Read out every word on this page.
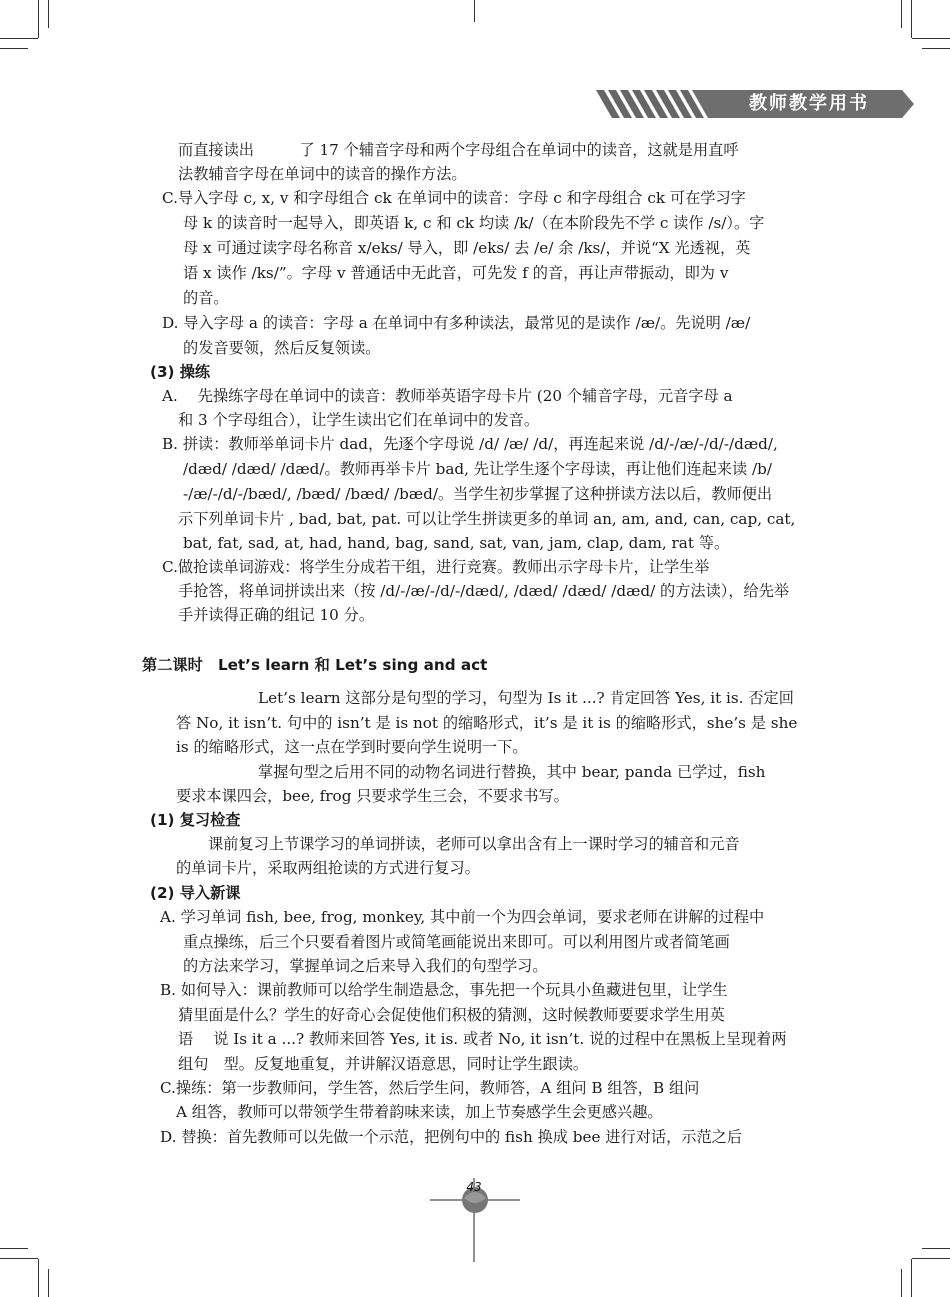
教师教学用书
而直接读出　　　了 17 个辅音字母和两个字母组合在单词中的读音，这就是用直呼
法教辅音字母在单词中的读音的操作方法。
C.导入字母 c, x, v 和字母组合 ck 在单词中的读音：字母 c 和字母组合 ck 可在学习字
母 k 的读音时一起导入，即英语 k, c 和 ck 均读 /k/（在本阶段先不学 c 读作 /s/）。字
母 x 可通过读字母名称音 x/eks/ 导入，即 /eks/ 去 /e/ 余 /ks/，并说“X 光透视，英
语 x 读作 /ks/”。字母 v 普通话中无此音，可先发 f 的音，再让声带振动，即为 v
的音。
D. 导入字母 a 的读音：字母 a 在单词中有多种读法，最常见的是读作 /æ/。先说明 /æ/
的发音要领，然后反复领读。
(3) 操练
A.　 先操练字母在单词中的读音：教师举英语字母卡片 (20 个辅音字母，元音字母 a
和 3 个字母组合），让学生读出它们在单词中的发音。
B. 拼读：教师举单词卡片 dad，先逐个字母说 /d/ /æ/ /d/，再连起来说 /d/-/æ/-/d/-/dæd/,
/dæd/ /dæd/ /dæd/。教师再举卡片 bad, 先让学生逐个字母读，再让他们连起来读 /b/
-/æ/-/d/-/bæd/, /bæd/ /bæd/ /bæd/。当学生初步掌握了这种拼读方法以后，教师便出
示下列单词卡片 , bad, bat, pat. 可以让学生拼读更多的单词 an, am, and, can, cap, cat,
bat, fat, sad, at, had, hand, bag, sand, sat, van, jam, clap, dam, rat 等。
C.做抢读单词游戏：将学生分成若干组，进行竞赛。教师出示字母卡片，让学生举
手抢答，将单词拼读出来（按 /d/-/æ/-/d/-/dæd/, /dæd/ /dæd/ /dæd/ 的方法读），给先举
手并读得正确的组记 10 分。
第二课时　Let’s learn 和 Let’s sing and act
Let’s learn 这部分是句型的学习，句型为 Is it ...? 肯定回答 Yes, it is. 否定回
答 No, it isn’t. 句中的 isn’t 是 is not 的缩略形式，it’s 是 it is 的缩略形式，she’s 是 she
is 的缩略形式，这一点在学到时要向学生说明一下。
掌握句型之后用不同的动物名词进行替换，其中 bear, panda 已学过，fish
要求本课四会，bee, frog 只要求学生三会，不要求书写。
(1) 复习检查
课前复习上节课学习的单词拼读，老师可以拿出含有上一课时学习的辅音和元音
的单词卡片，采取两组抢读的方式进行复习。
(2) 导入新课
A. 学习单词 fish, bee, frog, monkey, 其中前一个为四会单词，要求老师在讲解的过程中
重点操练，后三个只要看着图片或简笔画能说出来即可。可以利用图片或者简笔画
的方法来学习，掌握单词之后来导入我们的句型学习。
B. 如何导入：课前教师可以给学生制造悬念，事先把一个玩具小鱼藏进包里，让学生
猜里面是什么？学生的好奇心会促使他们积极的猜测，这时候教师要要求学生用英
语　 说 Is it a ...? 教师来回答 Yes, it is. 或者 No, it isn’t. 说的过程中在黑板上呈现着两
组句　型。反复地重复，并讲解汉语意思，同时让学生跟读。
C.操练：第一步教师问，学生答，然后学生问，教师答，A 组问 B 组答，B 组问
A 组答，教师可以带领学生带着韵味来读，加上节奏感学生会更感兴趣。
D. 替换：首先教师可以先做一个示范，把例句中的 fish 换成 bee 进行对话，示范之后
43
